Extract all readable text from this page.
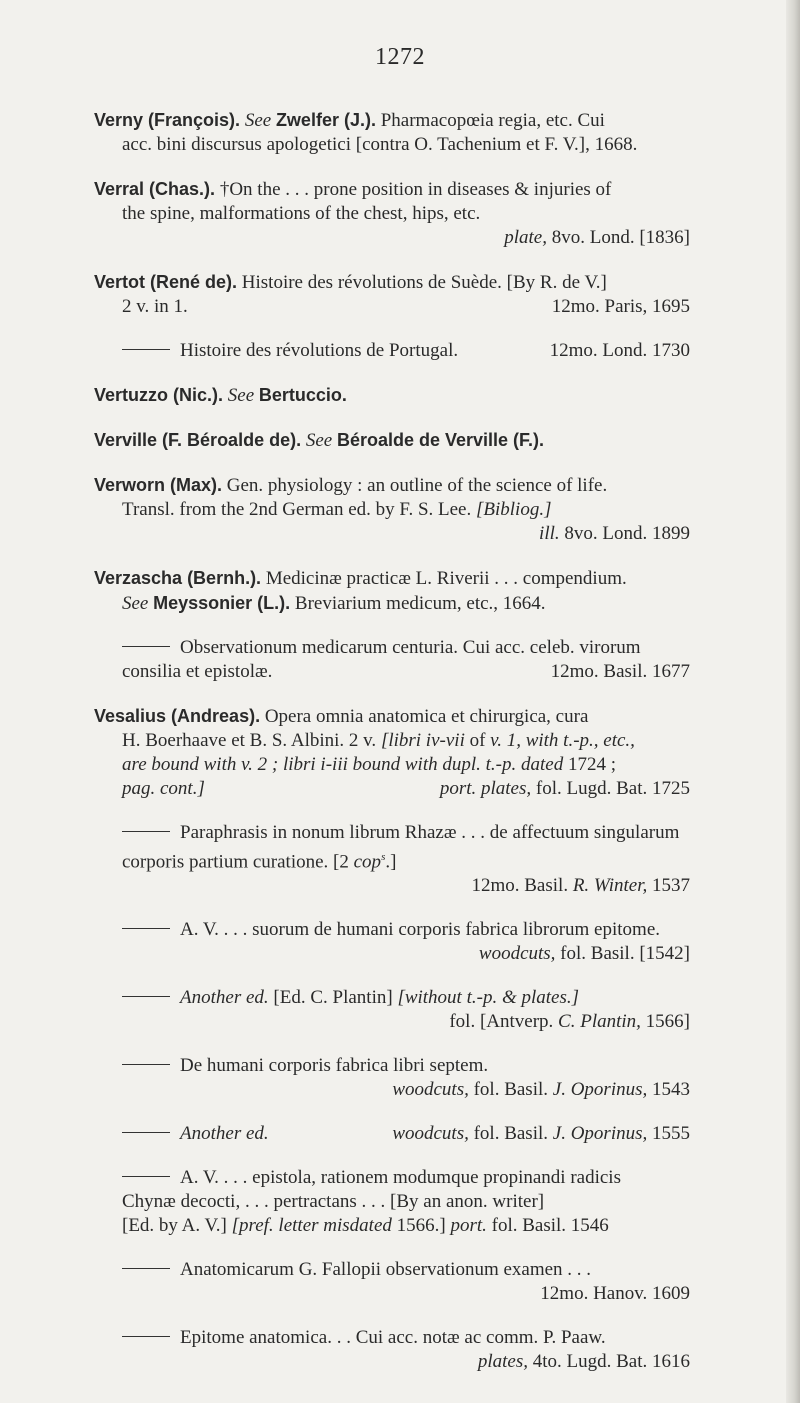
1272

Verny (François). See Zwelfer (J.). Pharmacopœia regia, etc. Cui

acc. bini discursus apologetici [contra O. Tachenium et F. V.], 1668.

Verral (Chas.). †On the . . . prone position in diseases & injuries of

the spine, malformations of the chest, hips, etc.

plate, 8vo. Lond. [1836]

Vertot (René de). Histoire des révolutions de Suède. [By R. de V.]

2 v. in 1.	12mo. Paris, 1695

Histoire des révolutions de Portugal.	12mo. Lond. 1730

Vertuzzo (Nic.). See Bertuccio.

Verville (F. Béroalde de). See Béroalde de Verville (F.).

Verworn (Max). Gen. physiology : an outline of the science of life.

Transl. from the 2nd German ed. by F. S. Lee. [Bibliog.]

ill. 8vo. Lond. 1899

Verzascha (Bernh.). Medicinæ practicæ L. Riverii . . . compendium.

See Meyssonier (L.). Breviarium medicum, etc., 1664.

Observationum medicarum centuria. Cui acc. celeb. virorum

consilia et epistolæ.	12mo. Basil. 1677

Vesalius (Andreas). Opera omnia anatomica et chirurgica, cura

H. Boerhaave et B. S. Albini. 2 v. [libri iv-vii of v. 1, with t.-p., etc.,

are bound with v. 2 ; libri i-iii bound with dupl. t.-p. dated 1724 ;

pag. cont.]	port. plates, fol. Lugd. Bat. 1725

Paraphrasis in nonum librum Rhazæ . . . de affectuum singularum

corporis partium curatione. [2 cop$^s$.]

12mo. Basil. R. Winter, 1537

A. V. . . . suorum de humani corporis fabrica librorum epitome.

woodcuts, fol. Basil. [1542]

Another ed. [Ed. C. Plantin] [without t.-p. & plates.]

fol. [Antverp. C. Plantin, 1566]

De humani corporis fabrica libri septem.

woodcuts, fol. Basil. J. Oporinus, 1543

Another ed.	woodcuts, fol. Basil. J. Oporinus, 1555

A. V. . . . epistola, rationem modumque propinandi radicis

Chynæ decocti, . . . pertractans . . . [By an anon. writer]

[Ed. by A. V.] [pref. letter misdated 1566.] port. fol. Basil. 1546

Anatomicarum G. Fallopii observationum examen . . .

12mo. Hanov. 1609

Epitome anatomica. . . Cui acc. notæ ac comm. P. Paaw.

plates, 4to. Lugd. Bat. 1616
